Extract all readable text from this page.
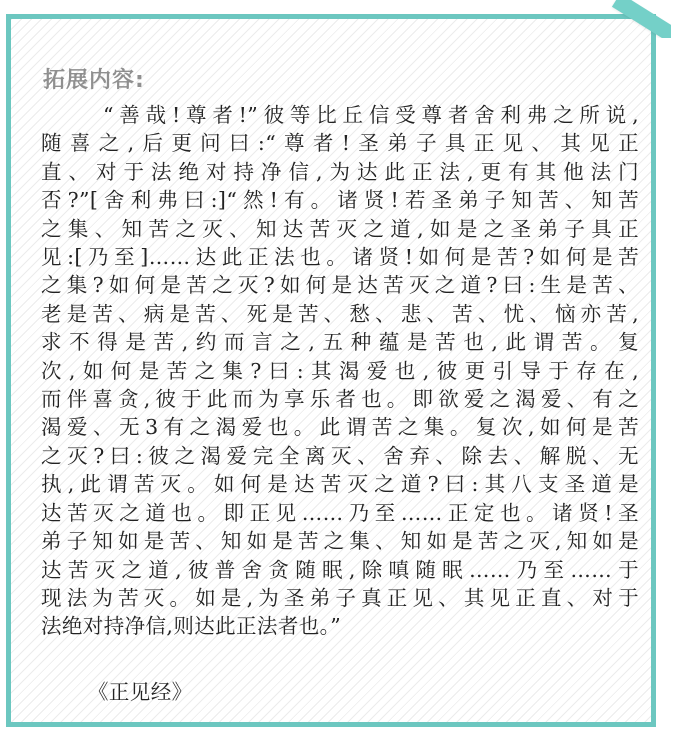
拓展内容:
“善哉!尊者!”彼等比丘信受尊者舍利弗之所说,
随喜之,后更问曰:“尊者!圣弟子具正见、其见正
直、对于法绝对持净信,为达此正法,更有其他法门
否?”[舍利弗曰:]“然!有。诸贤!若圣弟子知苦、知苦
之集、知苦之灭、知达苦灭之道,如是之圣弟子具正
见:[乃至]……达此正法也。诸贤!如何是苦?如何是苦
之集?如何是苦之灭?如何是达苦灭之道?曰:生是苦、
老是苦、病是苦、死是苦、愁、悲、苦、忧、恼亦苦,
求不得是苦,约而言之,五种蕴是苦也,此谓苦。复
次,如何是苦之集?曰:其渴爱也,彼更引导于存在,
而伴喜贪,彼于此而为享乐者也。即欲爱之渴爱、有之
渴爱、无3有之渴爱也。此谓苦之集。复次,如何是苦
之灭?曰:彼之渴爱完全离灭、舍弃、除去、解脱、无
执,此谓苦灭。如何是达苦灭之道?曰:其八支圣道是
达苦灭之道也。即正见……乃至……正定也。诸贤!圣
弟子知如是苦、知如是苦之集、知如是苦之灭,知如是
达苦灭之道,彼普舍贪随眠,除嗔随眠……乃至……于
现法为苦灭。如是,为圣弟子真正见、其见正直、对于
法绝对持净信,则达此正法者也。”
《正见经》
